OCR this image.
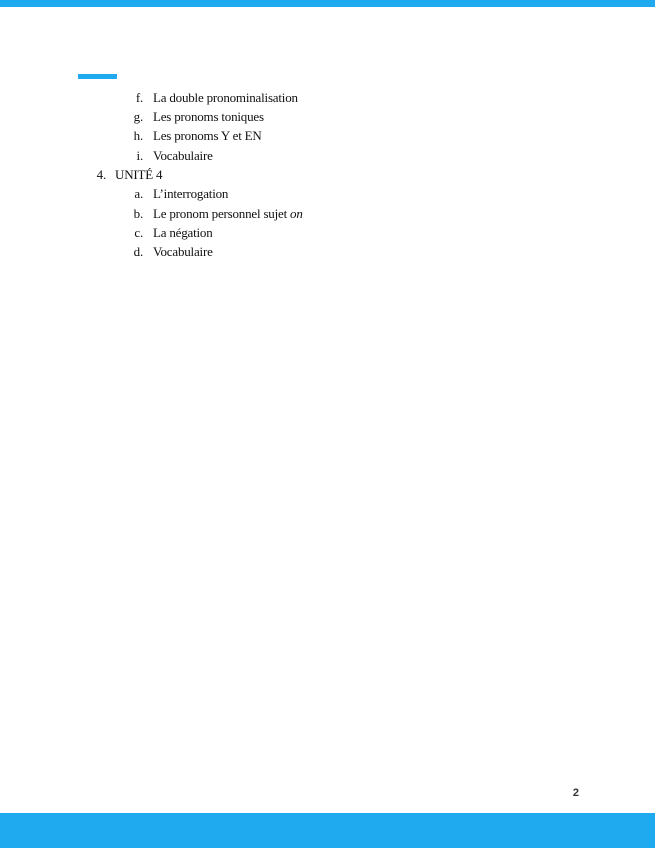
f. La double pronominalisation
g. Les pronoms toniques
h. Les pronoms Y et EN
i. Vocabulaire
4. UNITÉ 4
a. L’interrogation
b. Le pronom personnel sujet on
c. La négation
d. Vocabulaire
2
